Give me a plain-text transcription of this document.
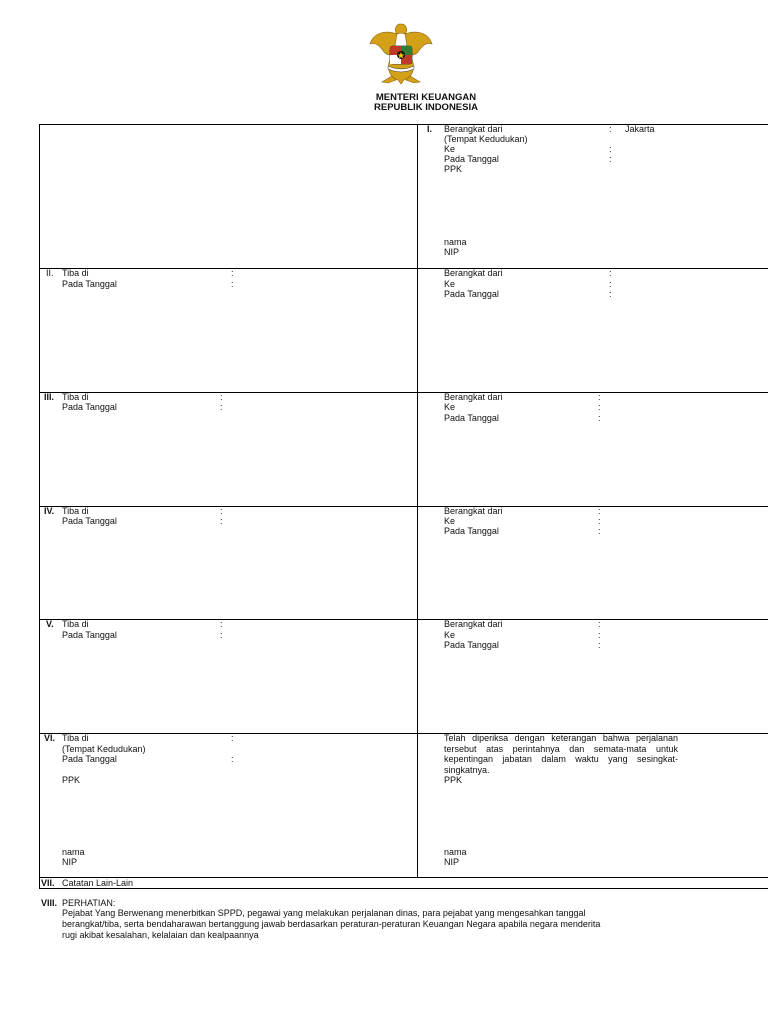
MENTERI KEUANGAN
REPUBLIK INDONESIA
I. Berangkat dari	: Jakarta
(Tempat Kedudukan)
Ke	:
Pada Tanggal	:
PPK
nama
NIP
II. Tiba di	:
Pada Tanggal	:
Berangkat dari	:
Ke	:
Pada Tanggal	:
III. Tiba di	:
Pada Tanggal	:
Berangkat dari	:
Ke	:
Pada Tanggal	:
IV. Tiba di	:
Pada Tanggal	:
Berangkat dari	:
Ke	:
Pada Tanggal	:
V. Tiba di	:
Pada Tanggal	:
Berangkat dari	:
Ke	:
Pada Tanggal	:
VI. Tiba di	:
(Tempat Kedudukan)
Pada Tanggal	:
PPK
nama
NIP
Telah diperiksa dengan keterangan bahwa perjalanan tersebut atas perintahnya dan semata-mata untuk kepentingan jabatan dalam waktu yang sesingkat-singkatnya.
PPK
nama
NIP
VII. Catatan Lain-Lain
VIII. PERHATIAN:
Pejabat Yang Berwenang menerbitkan SPPD, pegawai yang melakukan perjalanan dinas, para pejabat yang mengesahkan tanggal
berangkat/tiba, serta bendaharawan bertanggung jawab berdasarkan peraturan-peraturan Keuangan Negara apabila negara menderita
rugi akibat kesalahan, kelalaian dan kealpaannya
